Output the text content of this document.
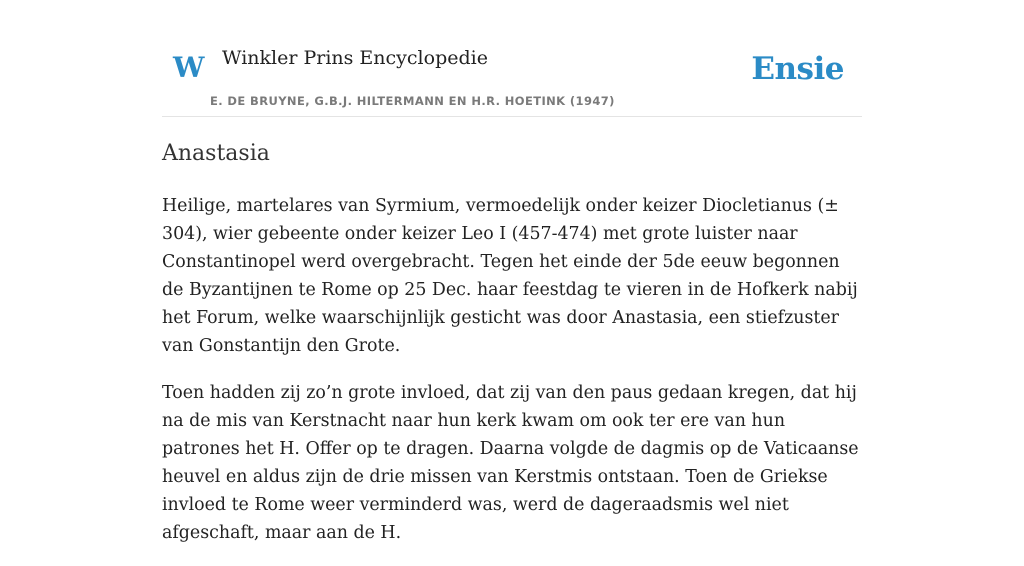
W Winkler Prins Encyclopedie
E. DE BRUYNE, G.B.J. HILTERMANN EN H.R. HOETINK (1947)
Ensie
Anastasia

Heilige, martelares van Syrmium, vermoedelijk onder keizer Diocletianus (± 304), wier gebeente onder keizer Leo I (457-474) met grote luister naar Constantinopel werd overgebracht. Tegen het einde der 5de eeuw begonnen de Byzantijnen te Rome op 25 Dec. haar feestdag te vieren in de Hofkerk nabij het Forum, welke waarschijnlijk gesticht was door Anastasia, een stiefzuster van Gonstantijn den Grote.

Toen hadden zij zo’n grote invloed, dat zij van den paus gedaan kregen, dat hij na de mis van Kerstnacht naar hun kerk kwam om ook ter ere van hun patrones het H. Offer op te dragen. Daarna volgde de dagmis op de Vaticaanse heuvel en aldus zijn de drie missen van Kerstmis ontstaan. Toen de Griekse invloed te Rome weer verminderd was, werd de dageraadsmis wel niet afgeschaft, maar aan de H.
